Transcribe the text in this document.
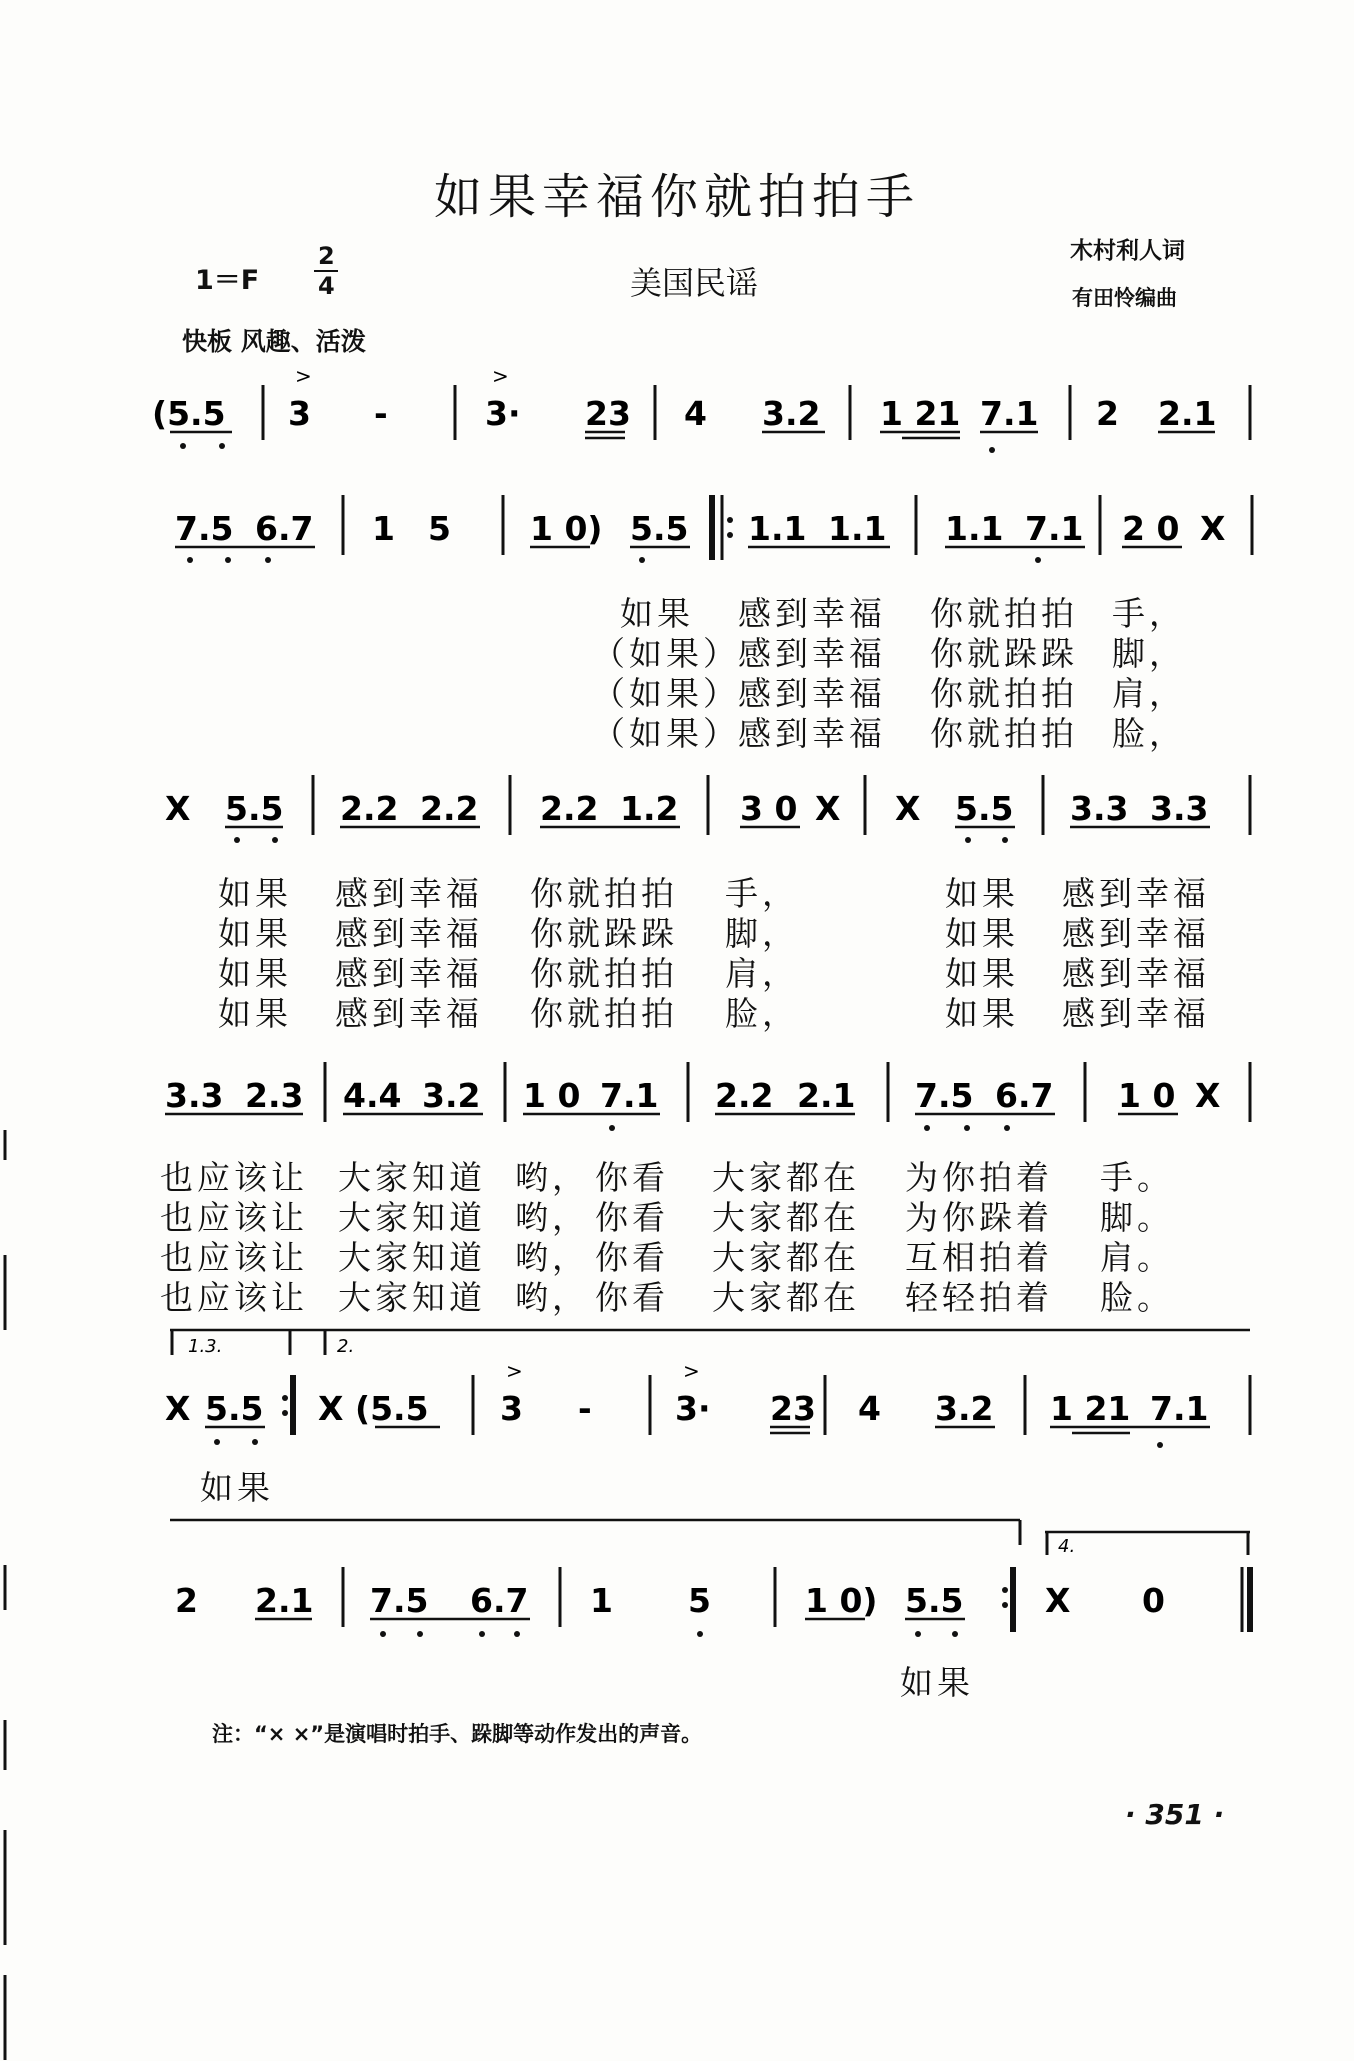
如果幸福你就拍拍手
1＝F
2
4	美国民谣
木村利人词
有田怜编曲
快板 风趣、活泼
(5.5 3 -	3· 23 4 3.2 1 21 7.1 2 2.1
>	>
7.5 6.7 1 5 1 0) 5.5 1.1 1.1 1.1 7.1 2 0 X
X 5.5 2.2 2.2 2.2 1.2 3 0 X X 5.5 3.3 3.3
3.3 2.3 4.4 3.2 1 0 7.1 2.2 2.1 7.5 6.7 1 0 X
1.3.	2.
X 5.5 X (5.5 3 -	3· 23 4 3.2 1 21 7.1
>	>
4.
2 2.1 7.5 6.7 1 5	1 0) 5.5 X 0
如果 感到幸福 你就拍拍 手，
（如果）
感到幸福 你就跺跺 脚，
（如果）
感到幸福 你就拍拍 肩，
（如果）
感到幸福 你就拍拍 脸，
如果 感到幸福 你就拍拍 手，	如果 感到幸福
如果 感到幸福 你就跺跺 脚，	如果 感到幸福
如果 感到幸福 你就拍拍 肩，	如果 感到幸福
如果 感到幸福 你就拍拍 脸，	如果 感到幸福
也应该让 大家知道 哟， 你看 大家都在 为你拍着 手。
也应该让 大家知道 哟， 你看 大家都在 为你跺着 脚。
也应该让 大家知道 哟， 你看 大家都在 互相拍着 肩。
也应该让 大家知道 哟， 你看 大家都在 轻轻拍着 脸。
如果
如果
注：“× ×”是演唱时拍手、跺脚等动作发出的声音。
· 351 ·
